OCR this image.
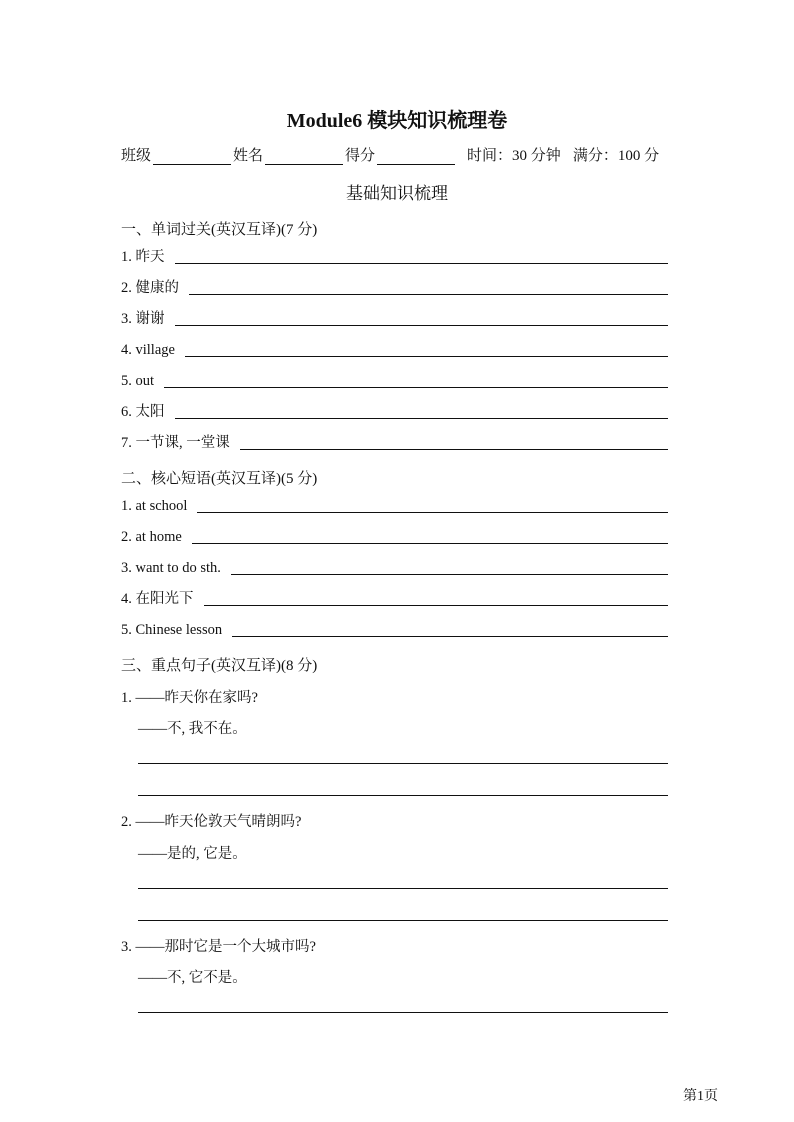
Module6 模块知识梳理卷
班级	姓名	得分	时间：30 分钟 满分：100 分
基础知识梳理
一、单词过关(英汉互译)(7 分)
1. 昨天
2. 健康的
3. 谢谢
4. village
5. out
6. 太阳
7. 一节课, 一堂课
二、核心短语(英汉互译)(5 分)
1. at school
2. at home
3. want to do sth.
4. 在阳光下
5. Chinese lesson
三、重点句子(英汉互译)(8 分)
1. ——昨天你在家吗?
——不, 我不在。
2. ——昨天伦敦天气晴朗吗?
——是的, 它是。
3. ——那时它是一个大城市吗?
——不, 它不是。
第1页
